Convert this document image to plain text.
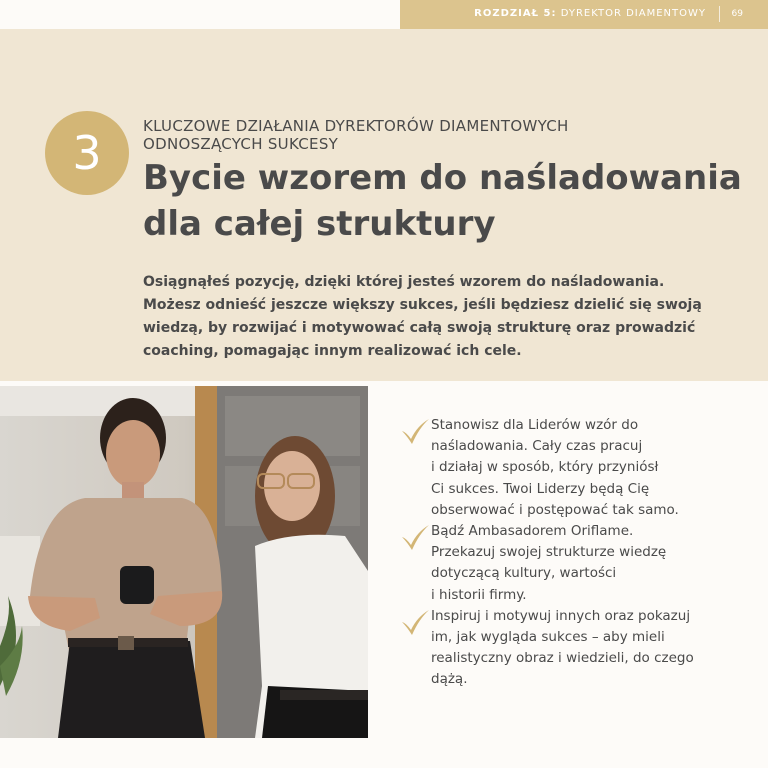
ROZDZIAŁ 5: DYREKTOR DIAMENTOWY	69
3	KLUCZOWE DZIAŁANIA DYREKTORÓW DIAMENTOWYCH
ODNOSZĄCYCH SUKCESY
Bycie wzorem do naśladowania
dla całej struktury
Osiągnąłeś pozycję, dzięki której jesteś wzorem do naśladowania.
Możesz odnieść jeszcze większy sukces, jeśli będziesz dzielić się swoją
wiedzą, by rozwijać i motywować całą swoją strukturę oraz prowadzić
coaching, pomagając innym realizować ich cele.
Stanowisz dla Liderów wzór do
naśladowania. Cały czas pracuj
i działaj w sposób, który przyniósł
Ci sukces. Twoi Liderzy będą Cię
obserwować i postępować tak samo.
Bądź Ambasadorem Oriflame.
Przekazuj swojej strukturze wiedzę
dotyczącą kultury, wartości
i historii firmy.
Inspiruj i motywuj innych oraz pokazuj
im, jak wygląda sukces – aby mieli
realistyczny obraz i wiedzieli, do czego
dążą.
